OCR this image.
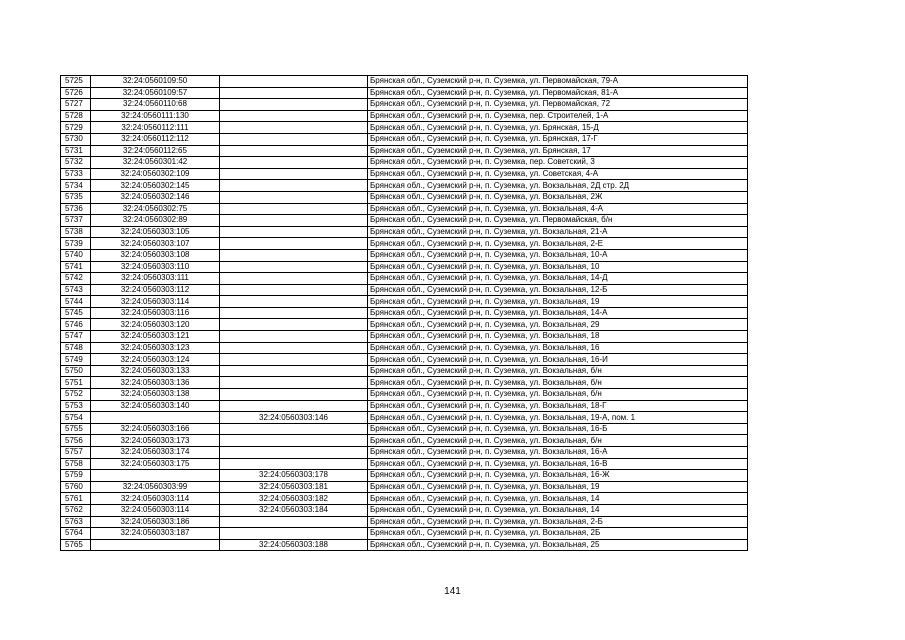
5725	32:24:0560109:50		Брянская обл., Суземский р-н, п. Суземка, ул. Первомайская, 79-А
5726	32:24:0560109:57		Брянская обл., Суземский р-н, п. Суземка, ул. Первомайская, 81-А
5727	32:24:0560110:68		Брянская обл., Суземский р-н, п. Суземка, ул. Первомайская, 72
5728	32:24:0560111:130		Брянская обл., Суземский р-н, п. Суземка, пер. Строителей, 1-А
5729	32:24:0560112:111		Брянская обл., Суземский р-н, п. Суземка, ул. Брянская, 15-Д
5730	32:24:0560112:112		Брянская обл., Суземский р-н, п. Суземка, ул. Брянская, 17-Г
5731	32:24:0560112:65		Брянская обл., Суземский р-н, п. Суземка, ул. Брянская, 17
5732	32:24:0560301:42		Брянская обл., Суземский р-н, п. Суземка, пер. Советский, 3
5733	32:24:0560302:109		Брянская обл., Суземский р-н, п. Суземка, ул. Советская, 4-А
5734	32:24:0560302:145		Брянская обл., Суземский р-н, п. Суземка, ул. Вокзальная, 2Д стр. 2Д
5735	32:24:0560302:146		Брянская обл., Суземский р-н, п. Суземка, ул. Вокзальная, 2Ж
5736	32:24:0560302:75		Брянская обл., Суземский р-н, п. Суземка, ул. Вокзальная, 4-А
5737	32:24:0560302:89		Брянская обл., Суземский р-н, п. Суземка, ул. Первомайская, б/н
5738	32:24:0560303:105		Брянская обл., Суземский р-н, п. Суземка, ул. Вокзальная, 21-А
5739	32:24:0560303:107		Брянская обл., Суземский р-н, п. Суземка, ул. Вокзальная, 2-Е
5740	32:24:0560303:108		Брянская обл., Суземский р-н, п. Суземка, ул. Вокзальная, 10-А
5741	32:24:0560303:110		Брянская обл., Суземский р-н, п. Суземка, ул. Вокзальная, 10
5742	32:24:0560303:111		Брянская обл., Суземский р-н, п. Суземка, ул. Вокзальная, 14-Д
5743	32:24:0560303:112		Брянская обл., Суземский р-н, п. Суземка, ул. Вокзальная, 12-Б
5744	32:24:0560303:114		Брянская обл., Суземский р-н, п. Суземка, ул. Вокзальная, 19
5745	32:24:0560303:116		Брянская обл., Суземский р-н, п. Суземка, ул. Вокзальная, 14-А
5746	32:24:0560303:120		Брянская обл., Суземский р-н, п. Суземка, ул. Вокзальная, 29
5747	32:24:0560303:121		Брянская обл., Суземский р-н, п. Суземка, ул. Вокзальная, 18
5748	32:24:0560303:123		Брянская обл., Суземский р-н, п. Суземка, ул. Вокзальная, 16
5749	32:24:0560303:124		Брянская обл., Суземский р-н, п. Суземка, ул. Вокзальная, 16-И
5750	32:24:0560303:133		Брянская обл., Суземский р-н, п. Суземка, ул. Вокзальная, б/н
5751	32:24:0560303:136		Брянская обл., Суземский р-н, п. Суземка, ул. Вокзальная, б/н
5752	32:24:0560303:138		Брянская обл., Суземский р-н, п. Суземка, ул. Вокзальная, б/н
5753	32:24:0560303:140		Брянская обл., Суземский р-н, п. Суземка, ул. Вокзальная, 18-Г
5754		32:24:0560303:146	Брянская обл., Суземский р-н, п. Суземка, ул. Вокзальная, 19-А, пом. 1
5755	32:24:0560303:166		Брянская обл., Суземский р-н, п. Суземка, ул. Вокзальная, 16-Б
5756	32:24:0560303:173		Брянская обл., Суземский р-н, п. Суземка, ул. Вокзальная, б/н
5757	32:24:0560303:174		Брянская обл., Суземский р-н, п. Суземка, ул. Вокзальная, 16-А
5758	32:24:0560303:175		Брянская обл., Суземский р-н, п. Суземка, ул. Вокзальная, 16-В
5759		32:24:0560303:178	Брянская обл., Суземский р-н, п. Суземка, ул. Вокзальная, 16-Ж
5760	32:24:0560303:99	32:24:0560303:181	Брянская обл., Суземский р-н, п. Суземка, ул. Вокзальная, 19
5761	32:24:0560303:114	32:24:0560303:182	Брянская обл., Суземский р-н, п. Суземка, ул. Вокзальная, 14
5762	32:24:0560303:114	32:24:0560303:184	Брянская обл., Суземский р-н, п. Суземка, ул. Вокзальная, 14
5763	32:24:0560303:186		Брянская обл., Суземский р-н, п. Суземка, ул. Вокзальная, 2-Б
5764	32:24:0560303:187		Брянская обл., Суземский р-н, п. Суземка, ул. Вокзальная, 2Б
5765		32:24:0560303:188	Брянская обл., Суземский р-н, п. Суземка, ул. Вокзальная, 25
141
